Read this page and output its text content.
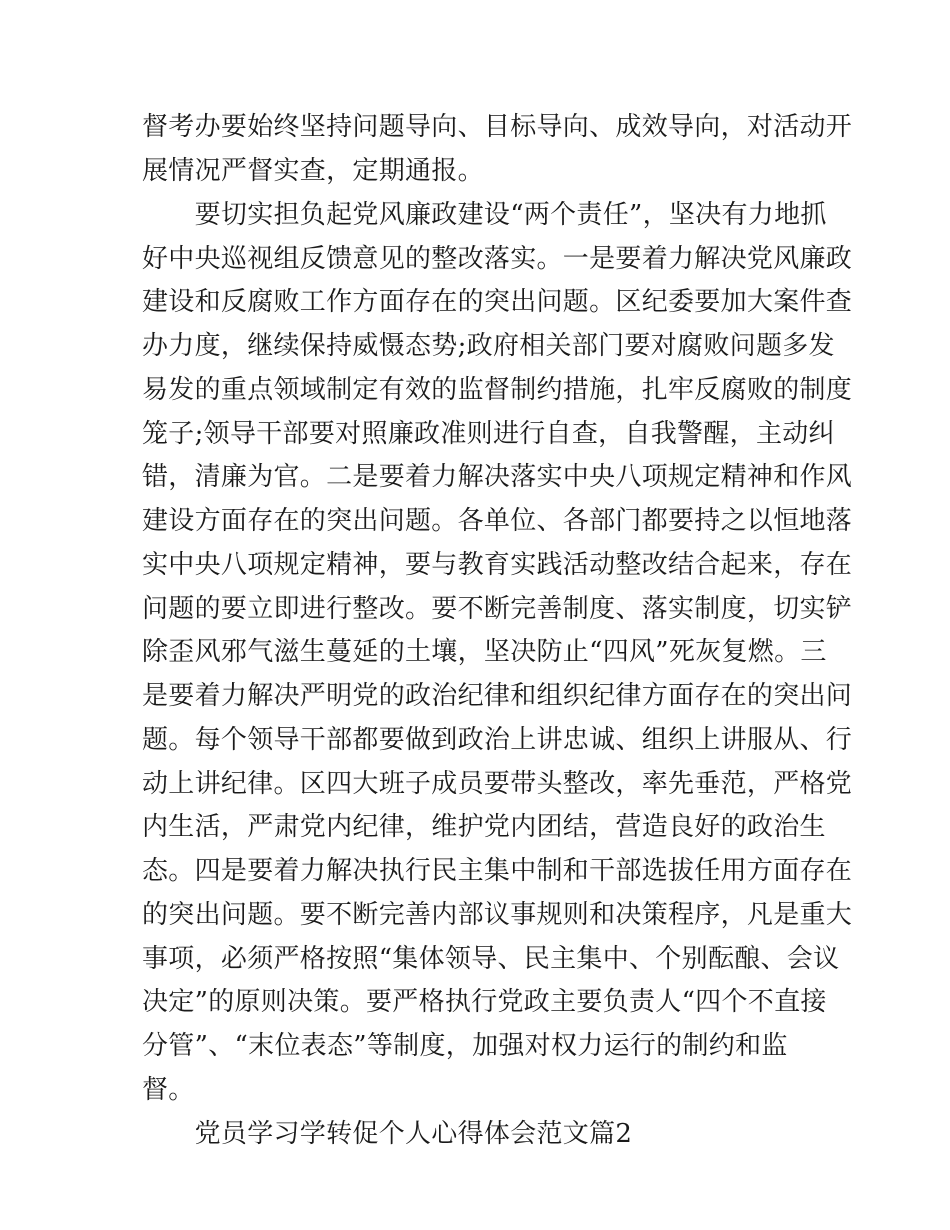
督考办要始终坚持问题导向、目标导向、成效导向，对活动开
展情况严督实查，定期通报。
　　要切实担负起党风廉政建设“两个责任”，坚决有力地抓
好中央巡视组反馈意见的整改落实。一是要着力解决党风廉政
建设和反腐败工作方面存在的突出问题。区纪委要加大案件查
办力度，继续保持威慑态势;政府相关部门要对腐败问题多发
易发的重点领域制定有效的监督制约措施，扎牢反腐败的制度
笼子;领导干部要对照廉政准则进行自查，自我警醒，主动纠
错，清廉为官。二是要着力解决落实中央八项规定精神和作风
建设方面存在的突出问题。各单位、各部门都要持之以恒地落
实中央八项规定精神，要与教育实践活动整改结合起来，存在
问题的要立即进行整改。要不断完善制度、落实制度，切实铲
除歪风邪气滋生蔓延的土壤，坚决防止“四风”死灰复燃。三
是要着力解决严明党的政治纪律和组织纪律方面存在的突出问
题。每个领导干部都要做到政治上讲忠诚、组织上讲服从、行
动上讲纪律。区四大班子成员要带头整改，率先垂范，严格党
内生活，严肃党内纪律，维护党内团结，营造良好的政治生
态。四是要着力解决执行民主集中制和干部选拔任用方面存在
的突出问题。要不断完善内部议事规则和决策程序，凡是重大
事项，必须严格按照“集体领导、民主集中、个别酝酿、会议
决定”的原则决策。要严格执行党政主要负责人“四个不直接
分管”、“末位表态”等制度，加强对权力运行的制约和监
督。
　　党员学习学转促个人心得体会范文篇2
